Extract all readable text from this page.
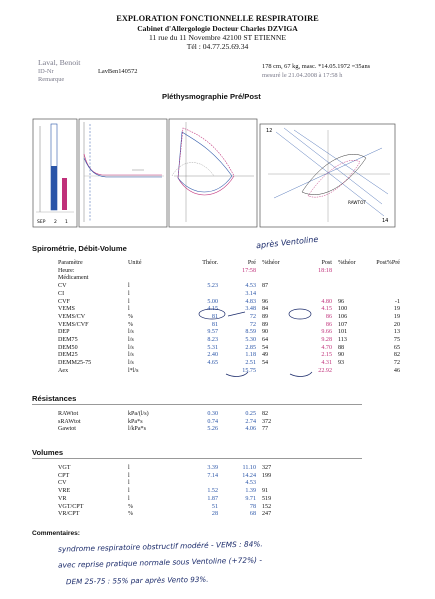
EXPLORATION FONCTIONNELLE RESPIRATOIRE
Cabinet d'Allergologie Docteur Charles DZVIGA
11 rue du 11 Novembre 42100 ST ETIENNE
Tél : 04.77.25.69.34
Laval, Benoit
ID-Nr	LavBen140572
Remarque
178 cm, 67 kg, masc. *14.05.1972 =35ans
mesuré le 21.04.2008 à 17:58 h
Pléthysmographie Pré/Post
SEP 2 1
12
RAWTOT
14
Spirométrie, Débit-Volume	après Ventoline
Paramètre	Unité	Théor.	Pré	%théor	Post	%théor	Post%Pré
Heure:			17:58		18:18		
Médicament							
CV	l	5.23	4.53	87			
CI	l		3.14				
CVF	l	5.00	4.83	96	4.80	96	-1
VEMS	l	4.15	3.48	84	4.15	100	19
VEMS/CV	%	81	72	89	86	106	19
VEMS/CVF	%	81	72	89	86	107	20
DEP	l/s	9.57	8.59	90	9.66	101	13
DEM75	l/s	8.23	5.30	64	9.28	113	75
DEM50	l/s	5.31	2.85	54	4.70	88	65
DEM25	l/s	2.40	1.18	49	2.15	90	82
DEMM25-75	l/s	4.65	2.51	54	4.31	93	72
Aex	l*l/s		15.75		22.92		46
Résistances
RAWtot	kPa/(l/s)	0.30	0.25	82
sRAWtot	kPa*s	0.74	2.74	372
Gawtot	l/kPa*s	5.26	4.06	77
Volumes
VGT	l	3.39	11.10	327
CPT	l	7.14	14.24	199
CV	l		4.53	
VRE	l	1.52	1.39	91
VR	l	1.87	9.71	519
VGT/CPT	%	51	78	152
VR/CPT	%	28	68	247
Commentaires:
syndrome respiratoire obstructif modéré - VEMS : 84%.
avec reprise pratique normale sous Ventoline (+72%) -
DEM 25-75 : 55% par après Vento 93%.
